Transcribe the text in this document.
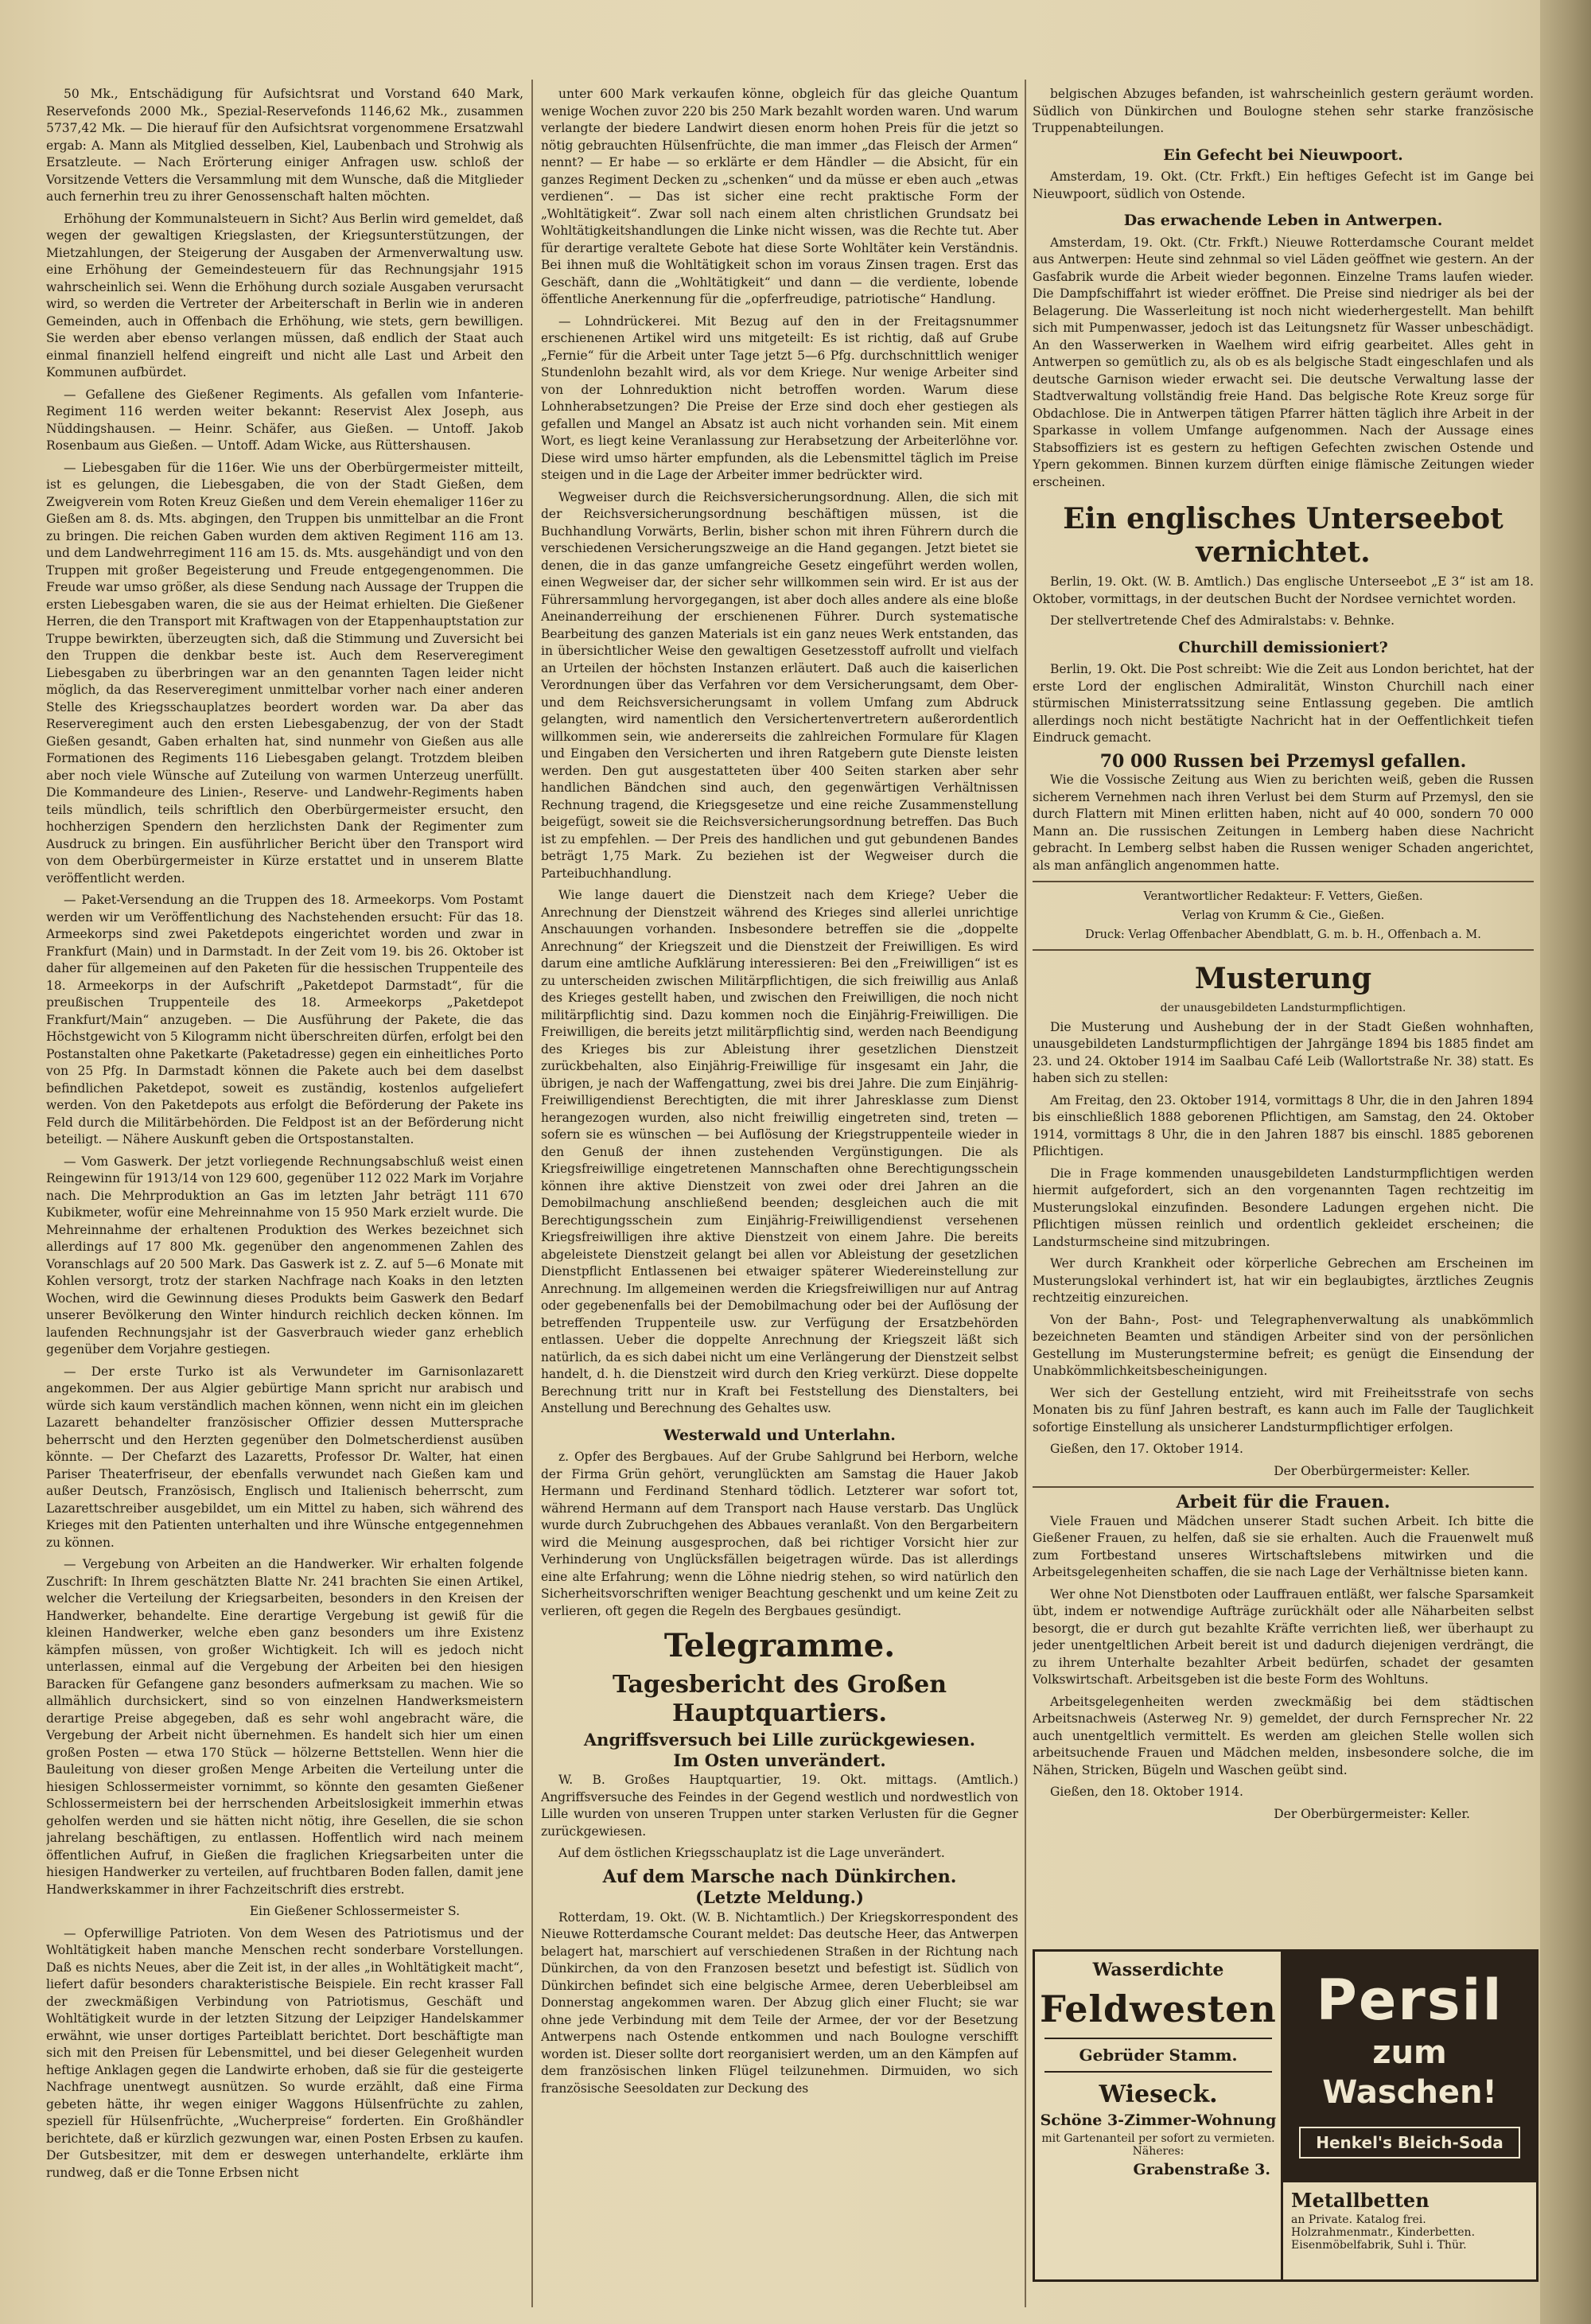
50 Mk., Entschädigung für Aufsichtsrat und Vorstand 640 Mark, Reservefonds 2000 Mk., Spezial-Reservefonds 1146,62 Mk., zusammen 5737,42 Mk. — Die hierauf für den Aufsichtsrat vorgenommene Ersatzwahl ergab: A. Mann als Mitglied desselben, Kiel, Laubenbach und Strohwig als Ersatzleute. — Nach Erörterung einiger Anfragen usw. schloß der Vorsitzende Vetters die Versammlung mit dem Wunsche, daß die Mitglieder auch fernerhin treu zu ihrer Genossenschaft halten möchten.
Erhöhung der Kommunalsteuern in Sicht? Aus Berlin wird gemeldet, daß wegen der gewaltigen Kriegslasten, der Kriegsunterstützungen, der Mietzahlungen, der Steigerung der Ausgaben der Armenverwaltung usw. eine Erhöhung der Gemeindesteuern für das Rechnungsjahr 1915 wahrscheinlich sei. Wenn die Erhöhung durch soziale Ausgaben verursacht wird, so werden die Vertreter der Arbeiterschaft in Berlin wie in anderen Gemeinden, auch in Offenbach die Erhöhung, wie stets, gern bewilligen. Sie werden aber ebenso verlangen müssen, daß endlich der Staat auch einmal finanziell helfend eingreift und nicht alle Last und Arbeit den Kommunen aufbürdet.
— Gefallene des Gießener Regiments. Als gefallen vom Infanterie-Regiment 116 werden weiter bekannt: Reservist Alex Joseph, aus Nüddingshausen. — Heinr. Schäfer, aus Gießen. — Untoff. Jakob Rosenbaum aus Gießen. — Untoff. Adam Wicke, aus Rüttershausen.
— Liebesgaben für die 116er. Wie uns der Oberbürgermeister mitteilt, ist es gelungen, die Liebesgaben, die von der Stadt Gießen, dem Zweigverein vom Roten Kreuz Gießen und dem Verein ehemaliger 116er zu Gießen am 8. ds. Mts. abgingen, den Truppen bis unmittelbar an die Front zu bringen. Die reichen Gaben wurden dem aktiven Regiment 116 am 13. und dem Landwehrregiment 116 am 15. ds. Mts. ausgehändigt und von den Truppen mit großer Begeisterung und Freude entgegengenommen. Die Freude war umso größer, als diese Sendung nach Aussage der Truppen die ersten Liebesgaben waren, die sie aus der Heimat erhielten. Die Gießener Herren, die den Transport mit Kraftwagen von der Etappenhauptstation zur Truppe bewirkten, überzeugten sich, daß die Stimmung und Zuversicht bei den Truppen die denkbar beste ist. Auch dem Reserveregiment Liebesgaben zu überbringen war an den genannten Tagen leider nicht möglich, da das Reserveregiment unmittelbar vorher nach einer anderen Stelle des Kriegsschauplatzes beordert worden war. Da aber das Reserveregiment auch den ersten Liebesgabenzug, der von der Stadt Gießen gesandt, Gaben erhalten hat, sind nunmehr von Gießen aus alle Formationen des Regiments 116 Liebesgaben gelangt. Trotzdem bleiben aber noch viele Wünsche auf Zuteilung von warmen Unterzeug unerfüllt. Die Kommandeure des Linien-, Reserve- und Landwehr-Regiments haben teils mündlich, teils schriftlich den Oberbürgermeister ersucht, den hochherzigen Spendern den herzlichsten Dank der Regimenter zum Ausdruck zu bringen. Ein ausführlicher Bericht über den Transport wird von dem Oberbürgermeister in Kürze erstattet und in unserem Blatte veröffentlicht werden.
— Paket-Versendung an die Truppen des 18. Armeekorps. Vom Postamt werden wir um Veröffentlichung des Nachstehenden ersucht: Für das 18. Armeekorps sind zwei Paketdepots eingerichtet worden und zwar in Frankfurt (Main) und in Darmstadt. In der Zeit vom 19. bis 26. Oktober ist daher für allgemeinen auf den Paketen für die hessischen Truppenteile des 18. Armeekorps in der Aufschrift „Paketdepot Darmstadt“, für die preußischen Truppenteile des 18. Armeekorps „Paketdepot Frankfurt/Main“ anzugeben. — Die Ausführung der Pakete, die das Höchstgewicht von 5 Kilogramm nicht überschreiten dürfen, erfolgt bei den Postanstalten ohne Paketkarte (Paketadresse) gegen ein einheitliches Porto von 25 Pfg. In Darmstadt können die Pakete auch bei dem daselbst befindlichen Paketdepot, soweit es zuständig, kostenlos aufgeliefert werden. Von den Paketdepots aus erfolgt die Beförderung der Pakete ins Feld durch die Militärbehörden. Die Feldpost ist an der Beförderung nicht beteiligt. — Nähere Auskunft geben die Ortspostanstalten.
— Vom Gaswerk. Der jetzt vorliegende Rechnungsabschluß weist einen Reingewinn für 1913/14 von 129 600, gegenüber 112 022 Mark im Vorjahre nach. Die Mehrproduktion an Gas im letzten Jahr beträgt 111 670 Kubikmeter, wofür eine Mehreinnahme von 15 950 Mark erzielt wurde. Die Mehreinnahme der erhaltenen Produktion des Werkes bezeichnet sich allerdings auf 17 800 Mk. gegenüber den angenommenen Zahlen des Voranschlags auf 20 500 Mark. Das Gaswerk ist z. Z. auf 5—6 Monate mit Kohlen versorgt, trotz der starken Nachfrage nach Koaks in den letzten Wochen, wird die Gewinnung dieses Produkts beim Gaswerk den Bedarf unserer Bevölkerung den Winter hindurch reichlich decken können. Im laufenden Rechnungsjahr ist der Gasverbrauch wieder ganz erheblich gegenüber dem Vorjahre gestiegen.
— Der erste Turko ist als Verwundeter im Garnisonlazarett angekommen. Der aus Algier gebürtige Mann spricht nur arabisch und würde sich kaum verständlich machen können, wenn nicht ein im gleichen Lazarett behandelter französischer Offizier dessen Muttersprache beherrscht und den Herzten gegenüber den Dolmetscherdienst ausüben könnte. — Der Chefarzt des Lazaretts, Professor Dr. Walter, hat einen Pariser Theaterfriseur, der ebenfalls verwundet nach Gießen kam und außer Deutsch, Französisch, Englisch und Italienisch beherrscht, zum Lazarettschreiber ausgebildet, um ein Mittel zu haben, sich während des Krieges mit den Patienten unterhalten und ihre Wünsche entgegennehmen zu können.
— Vergebung von Arbeiten an die Handwerker. Wir erhalten folgende Zuschrift: In Ihrem geschätzten Blatte Nr. 241 brachten Sie einen Artikel, welcher die Verteilung der Kriegsarbeiten, besonders in den Kreisen der Handwerker, behandelte. Eine derartige Vergebung ist gewiß für die kleinen Handwerker, welche eben ganz besonders um ihre Existenz kämpfen müssen, von großer Wichtigkeit. Ich will es jedoch nicht unterlassen, einmal auf die Vergebung der Arbeiten bei den hiesigen Baracken für Gefangene ganz besonders aufmerksam zu machen. Wie so allmählich durchsickert, sind so von einzelnen Handwerksmeistern derartige Preise abgegeben, daß es sehr wohl angebracht wäre, die Vergebung der Arbeit nicht übernehmen. Es handelt sich hier um einen großen Posten — etwa 170 Stück — hölzerne Bettstellen. Wenn hier die Bauleitung von dieser großen Menge Arbeiten die Verteilung unter die hiesigen Schlossermeister vornimmt, so könnte den gesamten Gießener Schlossermeistern bei der herrschenden Arbeitslosigkeit immerhin etwas geholfen werden und sie hätten nicht nötig, ihre Gesellen, die sie schon jahrelang beschäftigen, zu entlassen. Hoffentlich wird nach meinem öffentlichen Aufruf, in Gießen die fraglichen Kriegsarbeiten unter die hiesigen Handwerker zu verteilen, auf fruchtbaren Boden fallen, damit jene Handwerkskammer in ihrer Fachzeitschrift dies erstrebt.
Ein Gießener Schlossermeister S.
— Opferwillige Patrioten. Von dem Wesen des Patriotismus und der Wohltätigkeit haben manche Menschen recht sonderbare Vorstellungen. Daß es nichts Neues, aber die Zeit ist, in der alles „in Wohltätigkeit macht“, liefert dafür besonders charakteristische Beispiele. Ein recht krasser Fall der zweckmäßigen Verbindung von Patriotismus, Geschäft und Wohltätigkeit wurde in der letzten Sitzung der Leipziger Handelskammer erwähnt, wie unser dortiges Parteiblatt berichtet. Dort beschäftigte man sich mit den Preisen für Lebensmittel, und bei dieser Gelegenheit wurden heftige Anklagen gegen die Landwirte erhoben, daß sie für die gesteigerte Nachfrage unentwegt ausnützen. So wurde erzählt, daß eine Firma gebeten hätte, ihr wegen einiger Waggons Hülsenfrüchte zu zahlen, speziell für Hülsenfrüchte, „Wucherpreise“ forderten. Ein Großhändler berichtete, daß er kürzlich gezwungen war, einen Posten Erbsen zu kaufen. Der Gutsbesitzer, mit dem er deswegen unterhandelte, erklärte ihm rundweg, daß er die Tonne Erbsen nicht
unter 600 Mark verkaufen könne, obgleich für das gleiche Quantum wenige Wochen zuvor 220 bis 250 Mark bezahlt worden waren. Und warum verlangte der biedere Landwirt diesen enorm hohen Preis für die jetzt so nötig gebrauchten Hülsenfrüchte, die man immer „das Fleisch der Armen“ nennt? — Er habe — so erklärte er dem Händler — die Absicht, für ein ganzes Regiment Decken zu „schenken“ und da müsse er eben auch „etwas verdienen“. — Das ist sicher eine recht praktische Form der „Wohltätigkeit“. Zwar soll nach einem alten christlichen Grundsatz bei Wohltätigkeitshandlungen die Linke nicht wissen, was die Rechte tut. Aber für derartige veraltete Gebote hat diese Sorte Wohltäter kein Verständnis. Bei ihnen muß die Wohltätigkeit schon im voraus Zinsen tragen. Erst das Geschäft, dann die „Wohltätigkeit“ und dann — die verdiente, lobende öffentliche Anerkennung für die „opferfreudige, patriotische“ Handlung.
— Lohndrückerei. Mit Bezug auf den in der Freitagsnummer erschienenen Artikel wird uns mitgeteilt: Es ist richtig, daß auf Grube „Fernie“ für die Arbeit unter Tage jetzt 5—6 Pfg. durchschnittlich weniger Stundenlohn bezahlt wird, als vor dem Kriege. Nur wenige Arbeiter sind von der Lohnreduktion nicht betroffen worden. Warum diese Lohnherabsetzungen? Die Preise der Erze sind doch eher gestiegen als gefallen und Mangel an Absatz ist auch nicht vorhanden sein. Mit einem Wort, es liegt keine Veranlassung zur Herabsetzung der Arbeiterlöhne vor. Diese wird umso härter empfunden, als die Lebensmittel täglich im Preise steigen und in die Lage der Arbeiter immer bedrückter wird.
Wegweiser durch die Reichsversicherungsordnung. Allen, die sich mit der Reichsversicherungsordnung beschäftigen müssen, ist die Buchhandlung Vorwärts, Berlin, bisher schon mit ihren Führern durch die verschiedenen Versicherungszweige an die Hand gegangen. Jetzt bietet sie denen, die in das ganze umfangreiche Gesetz eingeführt werden wollen, einen Wegweiser dar, der sicher sehr willkommen sein wird. Er ist aus der Führersammlung hervorgegangen, ist aber doch alles andere als eine bloße Aneinanderreihung der erschienenen Führer. Durch systematische Bearbeitung des ganzen Materials ist ein ganz neues Werk entstanden, das in übersichtlicher Weise den gewaltigen Gesetzesstoff aufrollt und vielfach an Urteilen der höchsten Instanzen erläutert. Daß auch die kaiserlichen Verordnungen über das Verfahren vor dem Versicherungsamt, dem Ober- und dem Reichsversicherungsamt in vollem Umfang zum Abdruck gelangten, wird namentlich den Versichertenvertretern außerordentlich willkommen sein, wie andererseits die zahlreichen Formulare für Klagen und Eingaben den Versicherten und ihren Ratgebern gute Dienste leisten werden. Den gut ausgestatteten über 400 Seiten starken aber sehr handlichen Bändchen sind auch, den gegenwärtigen Verhältnissen Rechnung tragend, die Kriegsgesetze und eine reiche Zusammenstellung beigefügt, soweit sie die Reichsversicherungsordnung betreffen. Das Buch ist zu empfehlen. — Der Preis des handlichen und gut gebundenen Bandes beträgt 1,75 Mark. Zu beziehen ist der Wegweiser durch die Parteibuchhandlung.
Wie lange dauert die Dienstzeit nach dem Kriege? Ueber die Anrechnung der Dienstzeit während des Krieges sind allerlei unrichtige Anschauungen vorhanden. Insbesondere betreffen sie die „doppelte Anrechnung“ der Kriegszeit und die Dienstzeit der Freiwilligen. Es wird darum eine amtliche Aufklärung interessieren: Bei den „Freiwilligen“ ist es zu unterscheiden zwischen Militärpflichtigen, die sich freiwillig aus Anlaß des Krieges gestellt haben, und zwischen den Freiwilligen, die noch nicht militärpflichtig sind. Dazu kommen noch die Einjährig-Freiwilligen. Die Freiwilligen, die bereits jetzt militärpflichtig sind, werden nach Beendigung des Krieges bis zur Ableistung ihrer gesetzlichen Dienstzeit zurückbehalten, also Einjährig-Freiwillige für insgesamt ein Jahr, die übrigen, je nach der Waffengattung, zwei bis drei Jahre. Die zum Einjährig-Freiwilligendienst Berechtigten, die mit ihrer Jahresklasse zum Dienst herangezogen wurden, also nicht freiwillig eingetreten sind, treten — sofern sie es wünschen — bei Auflösung der Kriegstruppenteile wieder in den Genuß der ihnen zustehenden Vergünstigungen. Die als Kriegsfreiwillige eingetretenen Mannschaften ohne Berechtigungsschein können ihre aktive Dienstzeit von zwei oder drei Jahren an die Demobilmachung anschließend beenden; desgleichen auch die mit Berechtigungsschein zum Einjährig-Freiwilligendienst versehenen Kriegsfreiwilligen ihre aktive Dienstzeit von einem Jahre. Die bereits abgeleistete Dienstzeit gelangt bei allen vor Ableistung der gesetzlichen Dienstpflicht Entlassenen bei etwaiger späterer Wiedereinstellung zur Anrechnung. Im allgemeinen werden die Kriegsfreiwilligen nur auf Antrag oder gegebenenfalls bei der Demobilmachung oder bei der Auflösung der betreffenden Truppenteile usw. zur Verfügung der Ersatzbehörden entlassen. Ueber die doppelte Anrechnung der Kriegszeit läßt sich natürlich, da es sich dabei nicht um eine Verlängerung der Dienstzeit selbst handelt, d. h. die Dienstzeit wird durch den Krieg verkürzt. Diese doppelte Berechnung tritt nur in Kraft bei Feststellung des Dienstalters, bei Anstellung und Berechnung des Gehaltes usw.
Westerwald und Unterlahn.
z. Opfer des Bergbaues. Auf der Grube Sahlgrund bei Herborn, welche der Firma Grün gehört, verunglückten am Samstag die Hauer Jakob Hermann und Ferdinand Stenhard tödlich. Letzterer war sofort tot, während Hermann auf dem Transport nach Hause verstarb. Das Unglück wurde durch Zubruchgehen des Abbaues veranlaßt. Von den Bergarbeitern wird die Meinung ausgesprochen, daß bei richtiger Vorsicht hier zur Verhinderung von Unglücksfällen beigetragen würde. Das ist allerdings eine alte Erfahrung; wenn die Löhne niedrig stehen, so wird natürlich den Sicherheitsvorschriften weniger Beachtung geschenkt und um keine Zeit zu verlieren, oft gegen die Regeln des Bergbaues gesündigt.
Telegramme.
Tagesbericht des Großen Hauptquartiers.
Angriffsversuch bei Lille zurückgewiesen.
Im Osten unverändert.
W. B. Großes Hauptquartier, 19. Okt. mittags. (Amtlich.) Angriffsversuche des Feindes in der Gegend westlich und nordwestlich von Lille wurden von unseren Truppen unter starken Verlusten für die Gegner zurückgewiesen.
Auf dem östlichen Kriegsschauplatz ist die Lage unverändert.
Auf dem Marsche nach Dünkirchen.
(Letzte Meldung.)
Rotterdam, 19. Okt. (W. B. Nichtamtlich.) Der Kriegskorrespondent des Nieuwe Rotterdamsche Courant meldet: Das deutsche Heer, das Antwerpen belagert hat, marschiert auf verschiedenen Straßen in der Richtung nach Dünkirchen, da von den Franzosen besetzt und befestigt ist. Südlich von Dünkirchen befindet sich eine belgische Armee, deren Ueberbleibsel am Donnerstag angekommen waren. Der Abzug glich einer Flucht; sie war ohne jede Verbindung mit dem Teile der Armee, der vor der Besetzung Antwerpens nach Ostende entkommen und nach Boulogne verschifft worden ist. Dieser sollte dort reorganisiert werden, um an den Kämpfen auf dem französischen linken Flügel teilzunehmen. Dirmuiden, wo sich französische Seesoldaten zur Deckung des
belgischen Abzuges befanden, ist wahrscheinlich gestern geräumt worden. Südlich von Dünkirchen und Boulogne stehen sehr starke französische Truppenabteilungen.
Ein Gefecht bei Nieuwpoort.
Amsterdam, 19. Okt. (Ctr. Frkft.) Ein heftiges Gefecht ist im Gange bei Nieuwpoort, südlich von Ostende.
Das erwachende Leben in Antwerpen.
Amsterdam, 19. Okt. (Ctr. Frkft.) Nieuwe Rotterdamsche Courant meldet aus Antwerpen: Heute sind zehnmal so viel Läden geöffnet wie gestern. An der Gasfabrik wurde die Arbeit wieder begonnen. Einzelne Trams laufen wieder. Die Dampfschiffahrt ist wieder eröffnet. Die Preise sind niedriger als bei der Belagerung. Die Wasserleitung ist noch nicht wiederhergestellt. Man behilft sich mit Pumpenwasser, jedoch ist das Leitungsnetz für Wasser unbeschädigt. An den Wasserwerken in Waelhem wird eifrig gearbeitet. Alles geht in Antwerpen so gemütlich zu, als ob es als belgische Stadt eingeschlafen und als deutsche Garnison wieder erwacht sei. Die deutsche Verwaltung lasse der Stadtverwaltung vollständig freie Hand. Das belgische Rote Kreuz sorge für Obdachlose. Die in Antwerpen tätigen Pfarrer hätten täglich ihre Arbeit in der Sparkasse in vollem Umfange aufgenommen. Nach der Aussage eines Stabsoffiziers ist es gestern zu heftigen Gefechten zwischen Ostende und Ypern gekommen. Binnen kurzem dürften einige flämische Zeitungen wieder erscheinen.
Ein englisches Unterseebot vernichtet.
Berlin, 19. Okt. (W. B. Amtlich.) Das englische Unterseebot „E 3“ ist am 18. Oktober, vormittags, in der deutschen Bucht der Nordsee vernichtet worden.
Der stellvertretende Chef des Admiralstabs: v. Behnke.
Churchill demissioniert?
Berlin, 19. Okt. Die Post schreibt: Wie die Zeit aus London berichtet, hat der erste Lord der englischen Admiralität, Winston Churchill nach einer stürmischen Ministerratssitzung seine Entlassung gegeben. Die amtlich allerdings noch nicht bestätigte Nachricht hat in der Oeffentlichkeit tiefen Eindruck gemacht.
70 000 Russen bei Przemysl gefallen.
Wie die Vossische Zeitung aus Wien zu berichten weiß, geben die Russen sicherem Vernehmen nach ihren Verlust bei dem Sturm auf Przemysl, den sie durch Flattern mit Minen erlitten haben, nicht auf 40 000, sondern 70 000 Mann an. Die russischen Zeitungen in Lemberg haben diese Nachricht gebracht. In Lemberg selbst haben die Russen weniger Schaden angerichtet, als man anfänglich angenommen hatte.
Verantwortlicher Redakteur: F. Vetters, Gießen.
Verlag von Krumm & Cie., Gießen.
Druck: Verlag Offenbacher Abendblatt, G. m. b. H., Offenbach a. M.
Musterung
der unausgebildeten Landsturmpflichtigen.
Die Musterung und Aushebung der in der Stadt Gießen wohnhaften, unausgebildeten Landsturmpflichtigen der Jahrgänge 1894 bis 1885 findet am 23. und 24. Oktober 1914 im Saalbau Café Leib (Wallortstraße Nr. 38) statt. Es haben sich zu stellen:
Am Freitag, den 23. Oktober 1914, vormittags 8 Uhr, die in den Jahren 1894 bis einschließlich 1888 geborenen Pflichtigen, am Samstag, den 24. Oktober 1914, vormittags 8 Uhr, die in den Jahren 1887 bis einschl. 1885 geborenen Pflichtigen.
Die in Frage kommenden unausgebildeten Landsturmpflichtigen werden hiermit aufgefordert, sich an den vorgenannten Tagen rechtzeitig im Musterungslokal einzufinden. Besondere Ladungen ergehen nicht. Die Pflichtigen müssen reinlich und ordentlich gekleidet erscheinen; die Landsturmscheine sind mitzubringen.
Wer durch Krankheit oder körperliche Gebrechen am Erscheinen im Musterungslokal verhindert ist, hat wir ein beglaubigtes, ärztliches Zeugnis rechtzeitig einzureichen.
Von der Bahn-, Post- und Telegraphenverwaltung als unabkömmlich bezeichneten Beamten und ständigen Arbeiter sind von der persönlichen Gestellung im Musterungstermine befreit; es genügt die Einsendung der Unabkömmlichkeitsbescheinigungen.
Wer sich der Gestellung entzieht, wird mit Freiheitsstrafe von sechs Monaten bis zu fünf Jahren bestraft, es kann auch im Falle der Tauglichkeit sofortige Einstellung als unsicherer Landsturmpflichtiger erfolgen.
Gießen, den 17. Oktober 1914.
Der Oberbürgermeister: Keller.
Arbeit für die Frauen.
Viele Frauen und Mädchen unserer Stadt suchen Arbeit. Ich bitte die Gießener Frauen, zu helfen, daß sie sie erhalten. Auch die Frauenwelt muß zum Fortbestand unseres Wirtschaftslebens mitwirken und die Arbeitsgelegenheiten schaffen, die sie nach Lage der Verhältnisse bieten kann.
Wer ohne Not Dienstboten oder Lauffrauen entläßt, wer falsche Sparsamkeit übt, indem er notwendige Aufträge zurückhält oder alle Näharbeiten selbst besorgt, die er durch gut bezahlte Kräfte verrichten ließ, wer überhaupt zu jeder unentgeltlichen Arbeit bereit ist und dadurch diejenigen verdrängt, die zu ihrem Unterhalte bezahlter Arbeit bedürfen, schadet der gesamten Volkswirtschaft. Arbeitsgeben ist die beste Form des Wohltuns.
Arbeitsgelegenheiten werden zweckmäßig bei dem städtischen Arbeitsnachweis (Asterweg Nr. 9) gemeldet, der durch Fernsprecher Nr. 22 auch unentgeltlich vermittelt. Es werden am gleichen Stelle wollen sich arbeitsuchende Frauen und Mädchen melden, insbesondere solche, die im Nähen, Stricken, Bügeln und Waschen geübt sind.
Gießen, den 18. Oktober 1914.
Der Oberbürgermeister: Keller.
Wasserdichte
Feldwesten
Gebrüder Stamm.
Wieseck.
Schöne 3-Zimmer-Wohnung
mit Gartenanteil per sofort zu vermieten. Näheres:
Grabenstraße 3.
Persil
zum
Waschen!
Henkel's Bleich-Soda
Metallbetten
an Private. Katalog frei. Holzrahmenmatr., Kinderbetten. Eisenmöbelfabrik, Suhl i. Thür.
